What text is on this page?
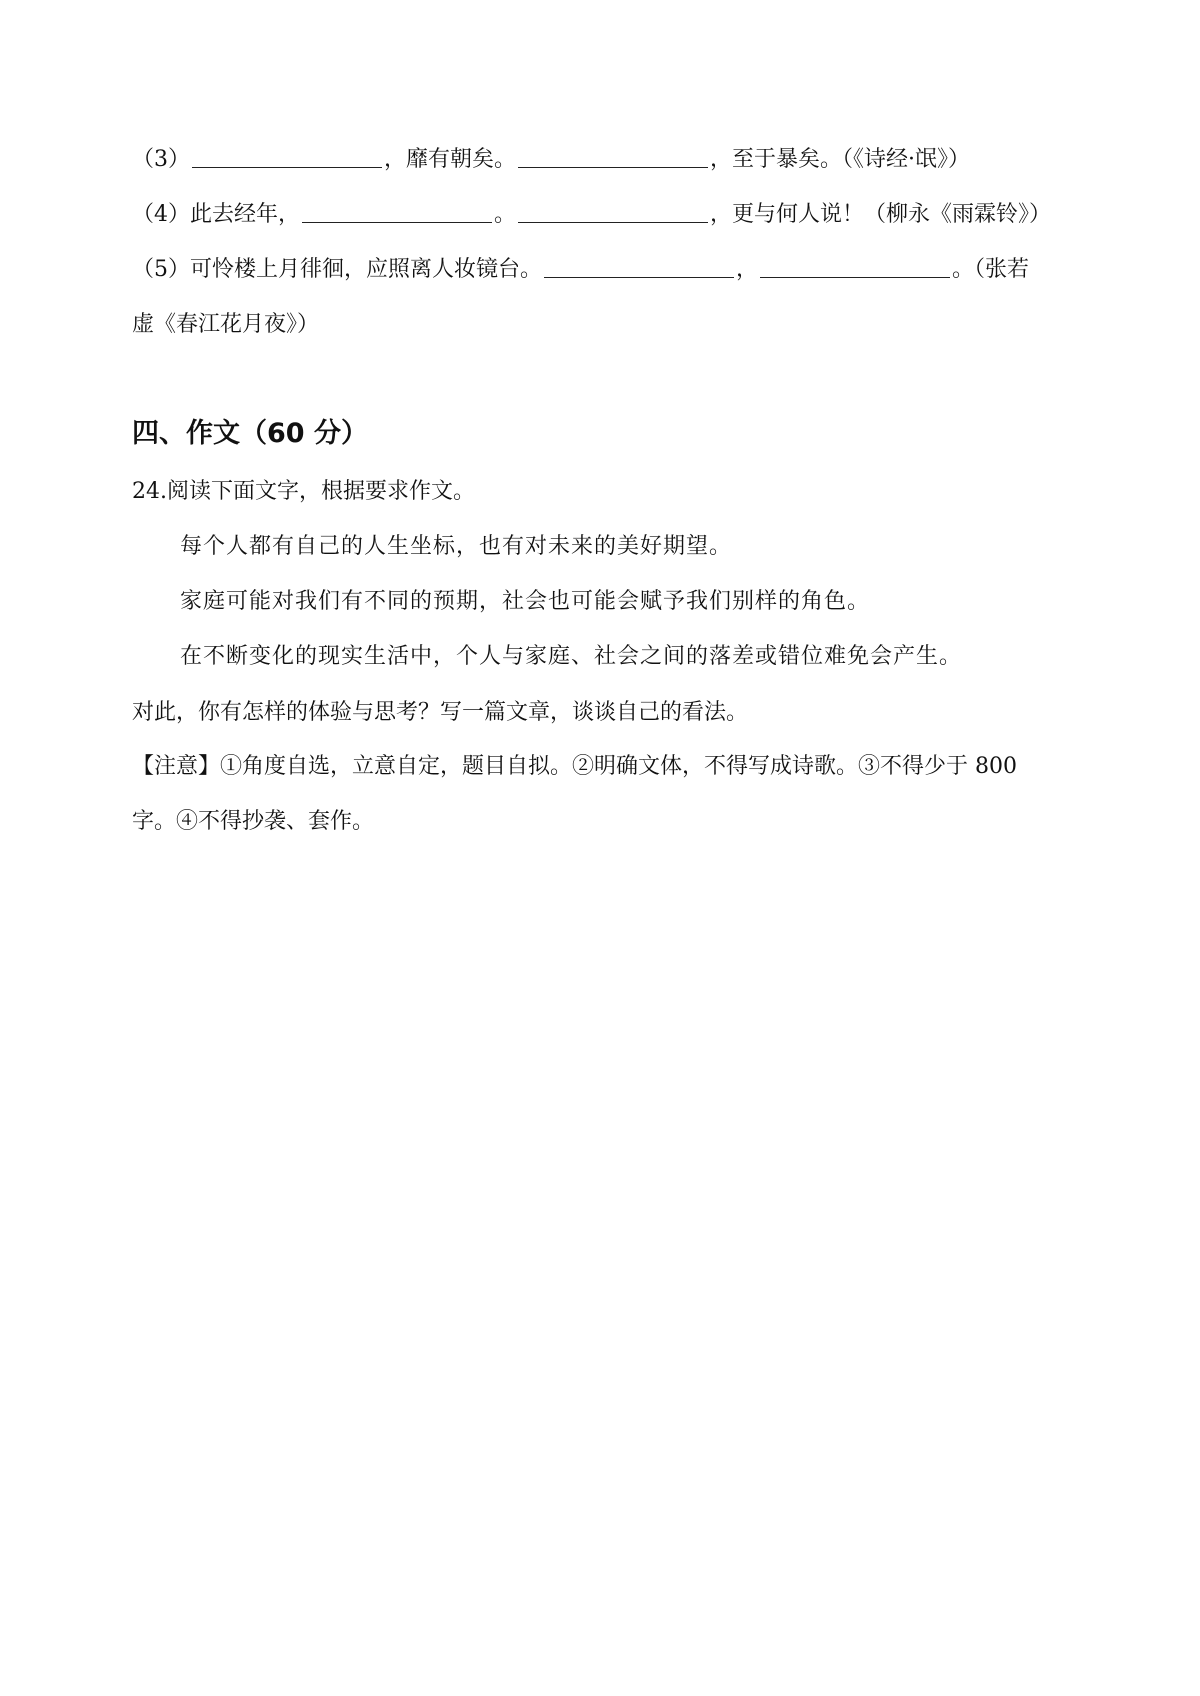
（3）	，靡有朝矣。	，至于暴矣。（《诗经·氓》）
（4）此去经年，	。	，更与何人说！（柳永《雨霖铃》）
（5）可怜楼上月徘徊，应照离人妆镜台。	，	。（张若
虚《春江花月夜》）
四、作文（60 分）
24.阅读下面文字，根据要求作文。
每个人都有自己的人生坐标，也有对未来的美好期望。
家庭可能对我们有不同的预期，社会也可能会赋予我们别样的角色。
在不断变化的现实生活中，个人与家庭、社会之间的落差或错位难免会产生。
对此，你有怎样的体验与思考？写一篇文章，谈谈自己的看法。
【注意】①角度自选，立意自定，题目自拟。②明确文体，不得写成诗歌。③不得少于 800
字。④不得抄袭、套作。
